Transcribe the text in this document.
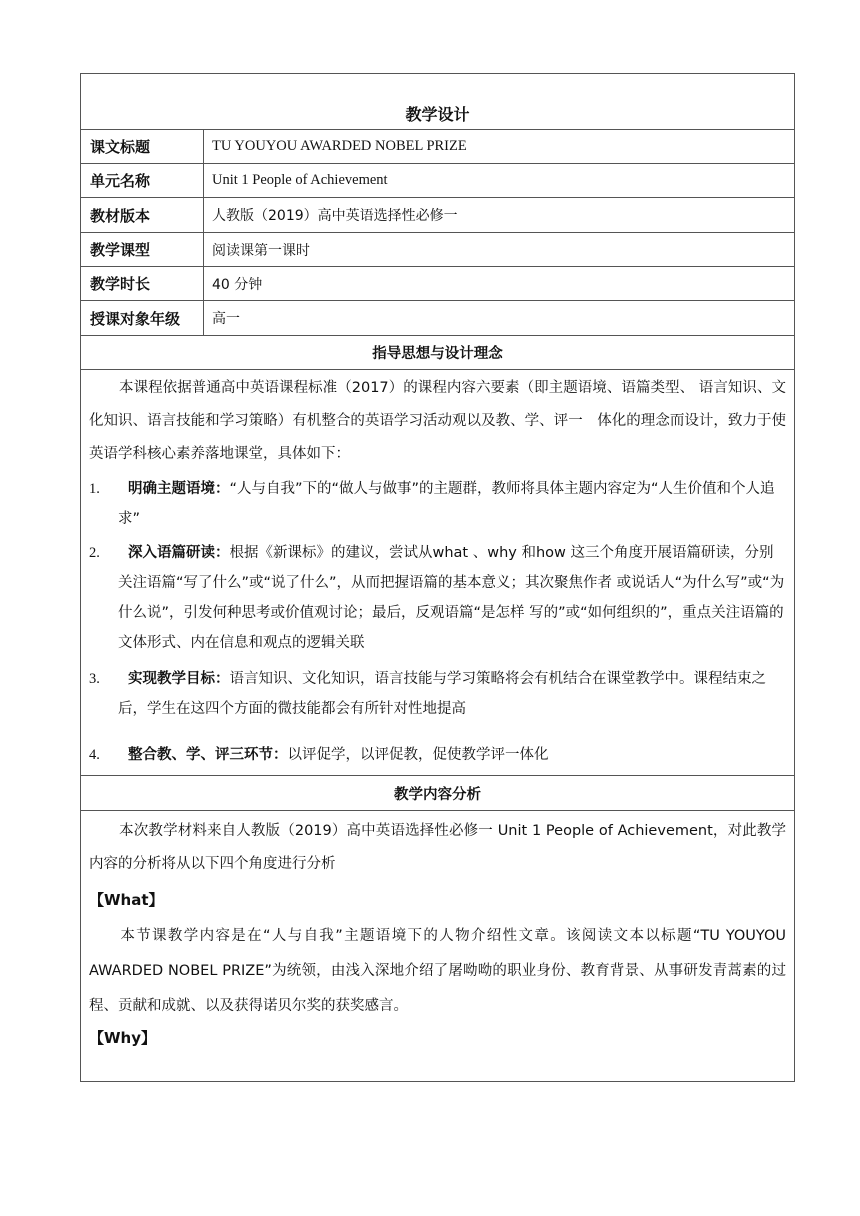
教学设计
课文标题	TU YOUYOU AWARDED NOBEL PRIZE
单元名称	Unit 1 People of Achievement
教材版本	人教版（2019）高中英语选择性必修一
教学课型	阅读课第一课时
教学时长	40 分钟
授课对象年级	高一
指导思想与设计理念
本课程依据普通高中英语课程标准（2017）的课程内容六要素（即主题语境、语篇类型、 语言知识、文化知识、语言技能和学习策略）有机整合的英语学习活动观以及教、学、评一　体化的理念而设计，致力于使英语学科核心素养落地课堂，具体如下：
1.	明确主题语境：“人与自我”下的“做人与做事”的主题群，教师将具体主题内容定为“人生价值和个人追求”
2.	深入语篇研读：根据《新课标》的建议，尝试从what 、why 和how 这三个角度开展语篇研读，分别关注语篇“写了什么”或“说了什么”，从而把握语篇的基本意义；其次聚焦作者 或说话人“为什么写”或“为什么说”，引发何种思考或价值观讨论；最后，反观语篇“是怎样 写的”或“如何组织的”，重点关注语篇的文体形式、内在信息和观点的逻辑关联
3.	实现教学目标：语言知识、文化知识，语言技能与学习策略将会有机结合在课堂教学中。课程结束之后，学生在这四个方面的微技能都会有所针对性地提高
4.	整合教、学、评三环节：以评促学，以评促教，促使教学评一体化
教学内容分析
本次教学材料来自人教版（2019）高中英语选择性必修一 Unit 1 People of Achievement，对此教学内容的分析将从以下四个角度进行分析
【What】
本节课教学内容是在“人与自我”主题语境下的人物介绍性文章。该阅读文本以标题“TU YOUYOU AWARDED NOBEL PRIZE”为统领，由浅入深地介绍了屠呦呦的职业身份、教育背景、从事研发青蒿素的过程、贡献和成就、以及获得诺贝尔奖的获奖感言。
【Why】
